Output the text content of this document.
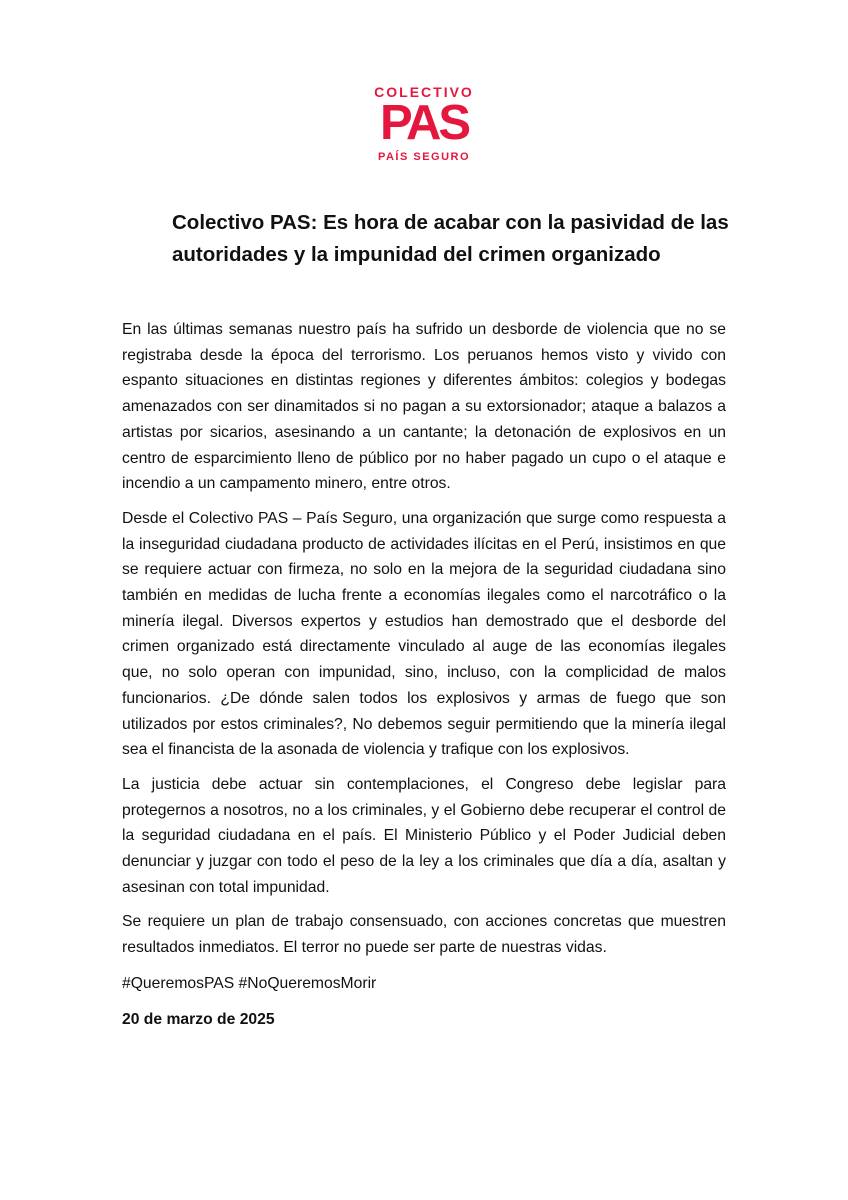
COLECTIVO
PAS
PAÍS SEGURO
Colectivo PAS: Es hora de acabar con la pasividad de las autoridades y la impunidad del crimen organizado

En las últimas semanas nuestro país ha sufrido un desborde de violencia que no se registraba desde la época del terrorismo. Los peruanos hemos visto y vivido con espanto situaciones en distintas regiones y diferentes ámbitos: colegios y bodegas amenazados con ser dinamitados si no pagan a su extorsionador; ataque a balazos a artistas por sicarios, asesinando a un cantante; la detonación de explosivos en un centro de esparcimiento lleno de público por no haber pagado un cupo o el ataque e incendio a un campamento minero, entre otros.

Desde el Colectivo PAS – País Seguro, una organización que surge como respuesta a la inseguridad ciudadana producto de actividades ilícitas en el Perú, insistimos en que se requiere actuar con firmeza, no solo en la mejora de la seguridad ciudadana sino también en medidas de lucha frente a economías ilegales como el narcotráfico o la minería ilegal. Diversos expertos y estudios han demostrado que el desborde del crimen organizado está directamente vinculado al auge de las economías ilegales que, no solo operan con impunidad, sino, incluso, con la complicidad de malos funcionarios. ¿De dónde salen todos los explosivos y armas de fuego que son utilizados por estos criminales?, No debemos seguir permitiendo que la minería ilegal sea el financista de la asonada de violencia y trafique con los explosivos.

La justicia debe actuar sin contemplaciones, el Congreso debe legislar para protegernos a nosotros, no a los criminales, y el Gobierno debe recuperar el control de la seguridad ciudadana en el país. El Ministerio Público y el Poder Judicial deben denunciar y juzgar con todo el peso de la ley a los criminales que día a día, asaltan y asesinan con total impunidad.

Se requiere un plan de trabajo consensuado, con acciones concretas que muestren resultados inmediatos. El terror no puede ser parte de nuestras vidas.

#QueremosPAS #NoQueremosMorir

20 de marzo de 2025
